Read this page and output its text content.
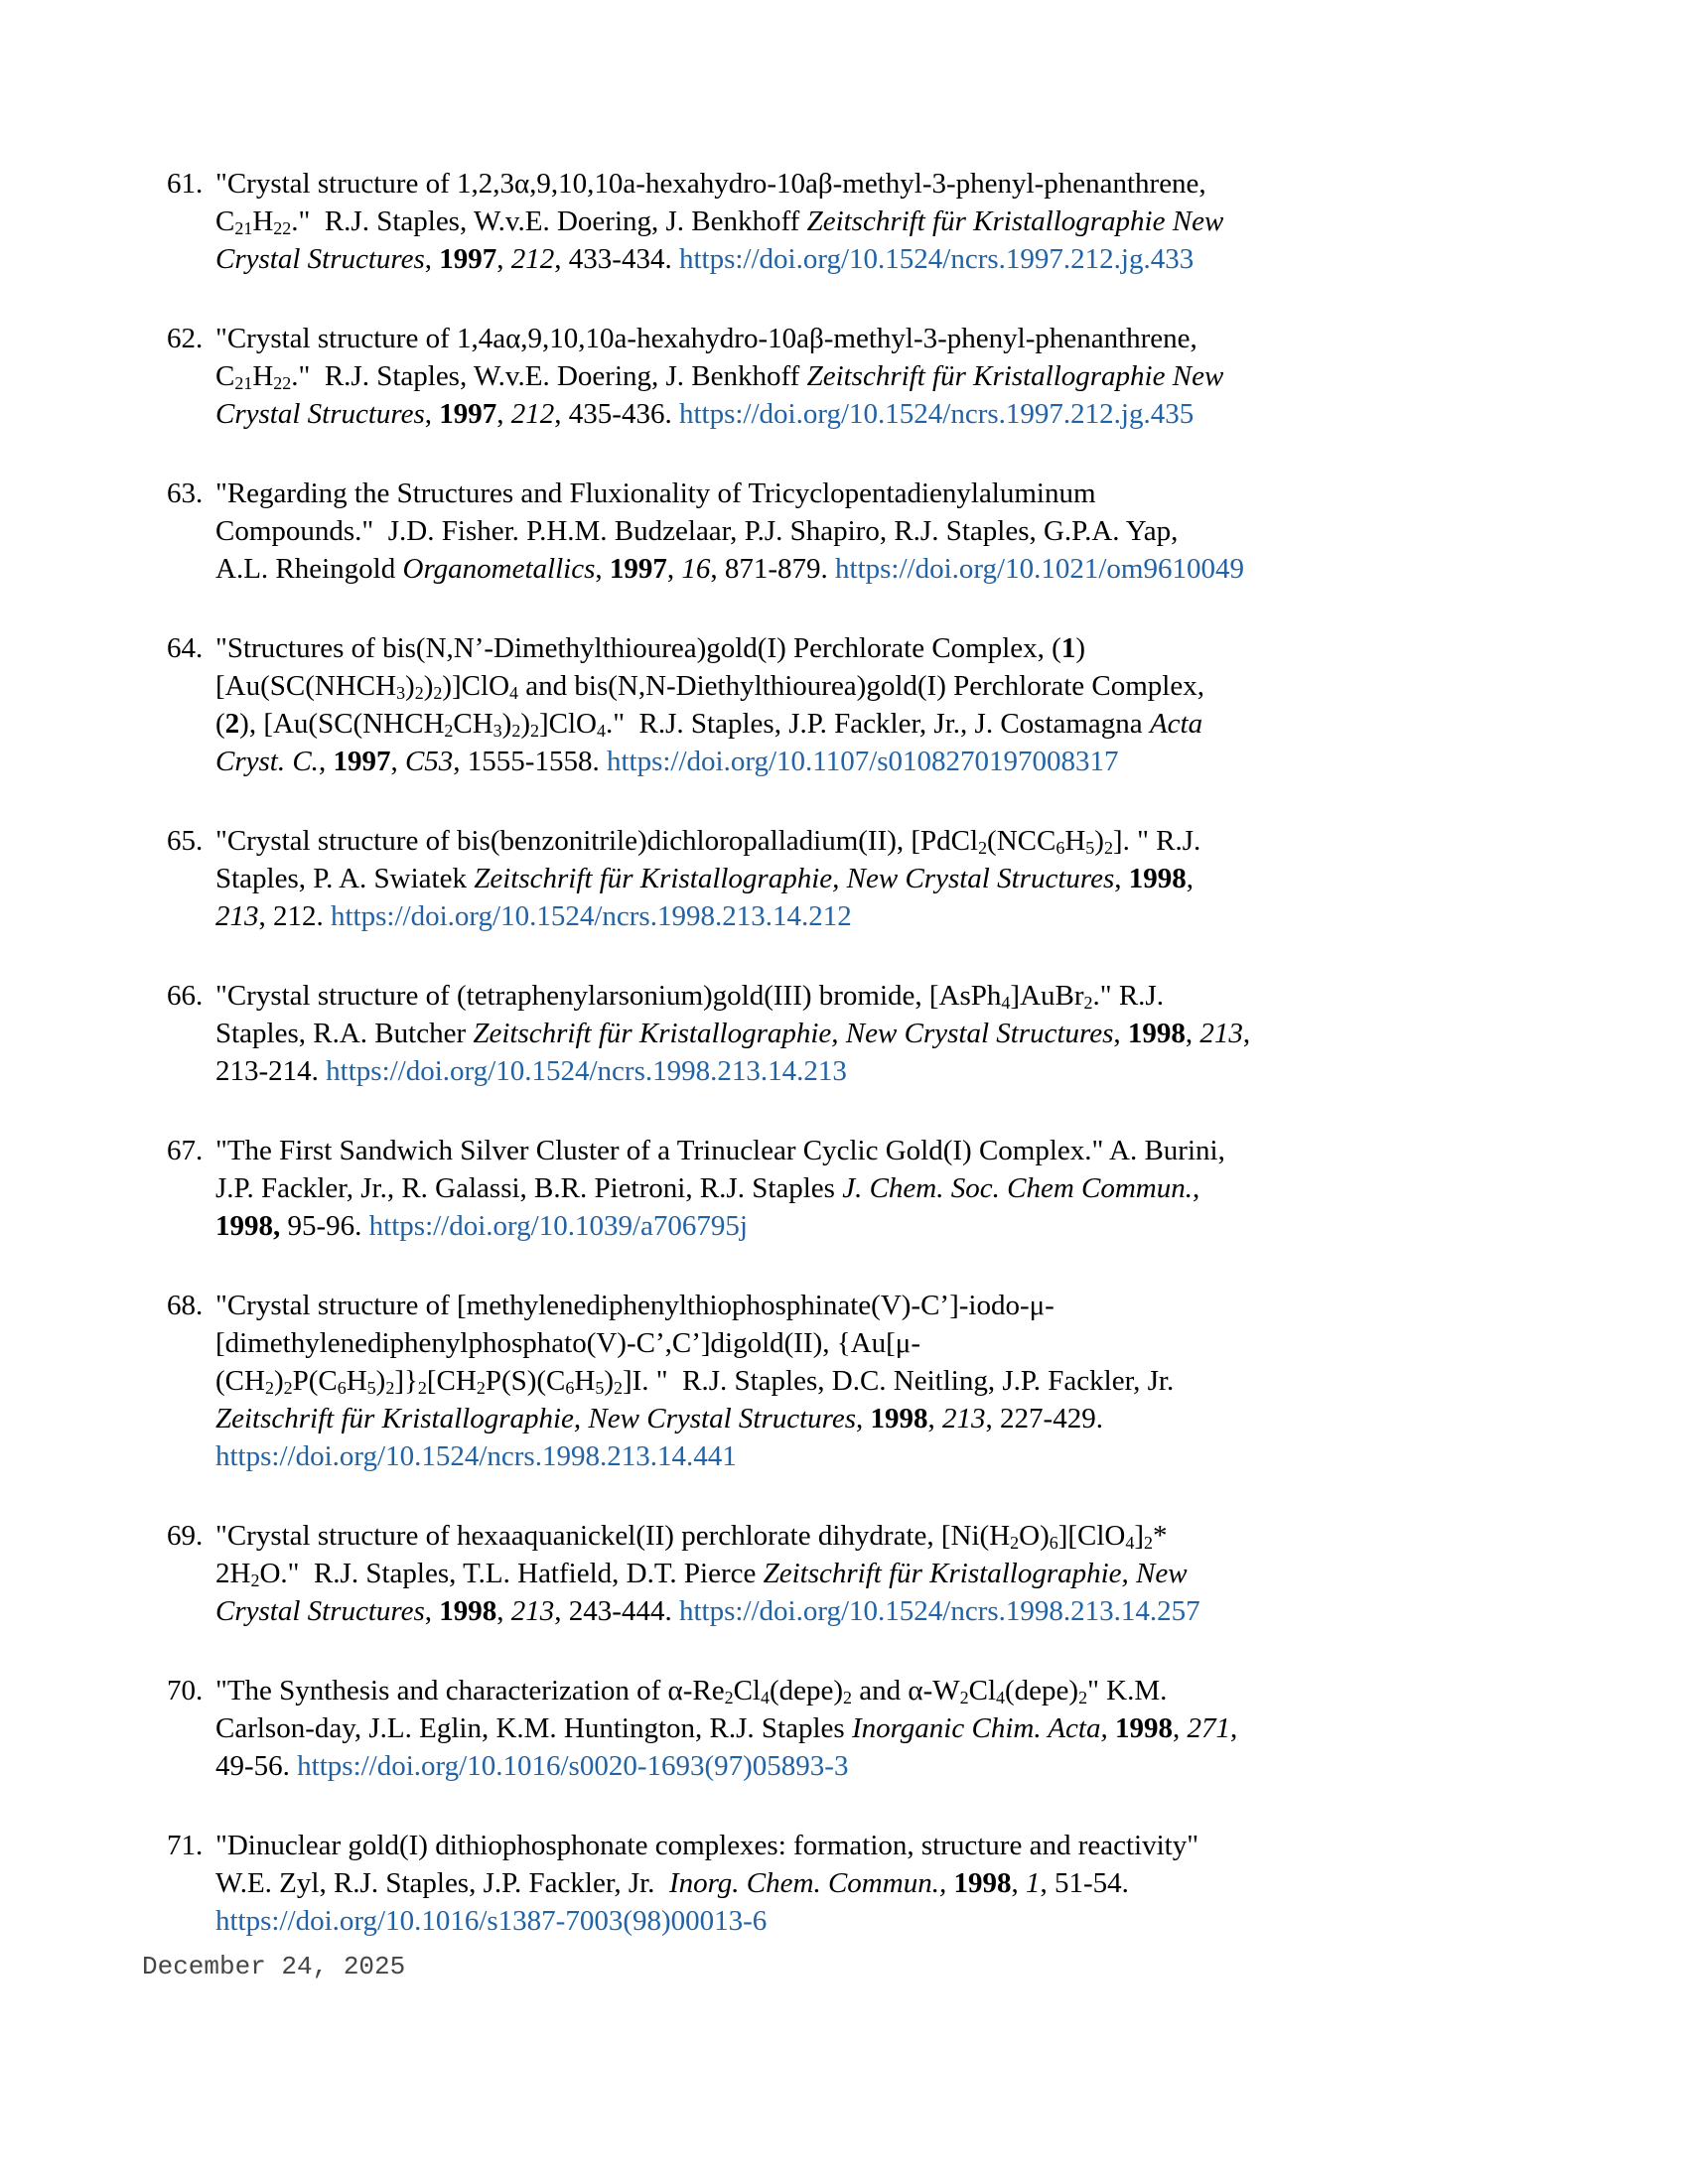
61. "Crystal structure of 1,2,3α,9,10,10a-hexahydro-10aβ-methyl-3-phenyl-phenanthrene,
$C_{21}H_{22}$."  R.J. Staples, W.v.E. Doering, J. Benkhoff Zeitschrift für Kristallographie New
Crystal Structures, 1997, 212, 433-434. https://doi.org/10.1524/ncrs.1997.212.jg.433
62. "Crystal structure of 1,4aα,9,10,10a-hexahydro-10aβ-methyl-3-phenyl-phenanthrene,
$C_{21}H_{22}$."  R.J. Staples, W.v.E. Doering, J. Benkhoff Zeitschrift für Kristallographie New
Crystal Structures, 1997, 212, 435-436. https://doi.org/10.1524/ncrs.1997.212.jg.435
63. "Regarding the Structures and Fluxionality of Tricyclopentadienylaluminum
Compounds."  J.D. Fisher. P.H.M. Budzelaar, P.J. Shapiro, R.J. Staples, G.P.A. Yap,
A.L. Rheingold Organometallics, 1997, 16, 871-879. https://doi.org/10.1021/om9610049
64. "Structures of bis(N,N’-Dimethylthiourea)gold(I) Perchlorate Complex, (1)
$[Au(SC(NHCH_3)_2)_2)]ClO_4$ and bis(N,N-Diethylthiourea)gold(I) Perchlorate Complex,
(2), $[Au(SC(NHCH_2CH_3)_2)_2]ClO_4$."  R.J. Staples, J.P. Fackler, Jr., J. Costamagna Acta
Cryst. C., 1997, C53, 1555-1558. https://doi.org/10.1107/s0108270197008317
65. "Crystal structure of bis(benzonitrile)dichloropalladium(II), $[PdCl_2(NCC_6H_5)_2]$. " R.J.
Staples, P. A. Swiatek Zeitschrift für Kristallographie, New Crystal Structures, 1998,
213, 212. https://doi.org/10.1524/ncrs.1998.213.14.212
66. "Crystal structure of (tetraphenylarsonium)gold(III) bromide, [AsPh$_4$]AuBr$_2$." R.J.
Staples, R.A. Butcher Zeitschrift für Kristallographie, New Crystal Structures, 1998, 213,
213-214. https://doi.org/10.1524/ncrs.1998.213.14.213
67. "The First Sandwich Silver Cluster of a Trinuclear Cyclic Gold(I) Complex." A. Burini,
J.P. Fackler, Jr., R. Galassi, B.R. Pietroni, R.J. Staples J. Chem. Soc. Chem Commun.,
1998, 95-96. https://doi.org/10.1039/a706795j
68. "Crystal structure of [methylenediphenylthiophosphinate(V)-C’]-iodo-μ-
[dimethylenediphenylphosphato(V)-C’,C’]digold(II), {Au[μ-
$(CH_2)_2P(C_6H_5)_2]\}_2[CH_2P(S)(C_6H_5)_2]I$. "  R.J. Staples, D.C. Neitling, J.P. Fackler, Jr.
Zeitschrift für Kristallographie, New Crystal Structures, 1998, 213, 227-429.
https://doi.org/10.1524/ncrs.1998.213.14.441
69. "Crystal structure of hexaaquanickel(II) perchlorate dihydrate, $[Ni(H_2O)_6][ClO_4]_2*$
$2H_2O$."  R.J. Staples, T.L. Hatfield, D.T. Pierce Zeitschrift für Kristallographie, New
Crystal Structures, 1998, 213, 243-444. https://doi.org/10.1524/ncrs.1998.213.14.257
70. "The Synthesis and characterization of $\alpha-Re_2Cl_4(depe)_2$ and $\alpha-W_2Cl_4(depe)_2$" K.M.
Carlson-day, J.L. Eglin, K.M. Huntington, R.J. Staples Inorganic Chim. Acta, 1998, 271,
49-56. https://doi.org/10.1016/s0020-1693(97)05893-3
71. "Dinuclear gold(I) dithiophosphonate complexes: formation, structure and reactivity"
W.E. Zyl, R.J. Staples, J.P. Fackler, Jr.  Inorg. Chem. Commun., 1998, 1, 51-54.
https://doi.org/10.1016/s1387-7003(98)00013-6
December 24, 2025
